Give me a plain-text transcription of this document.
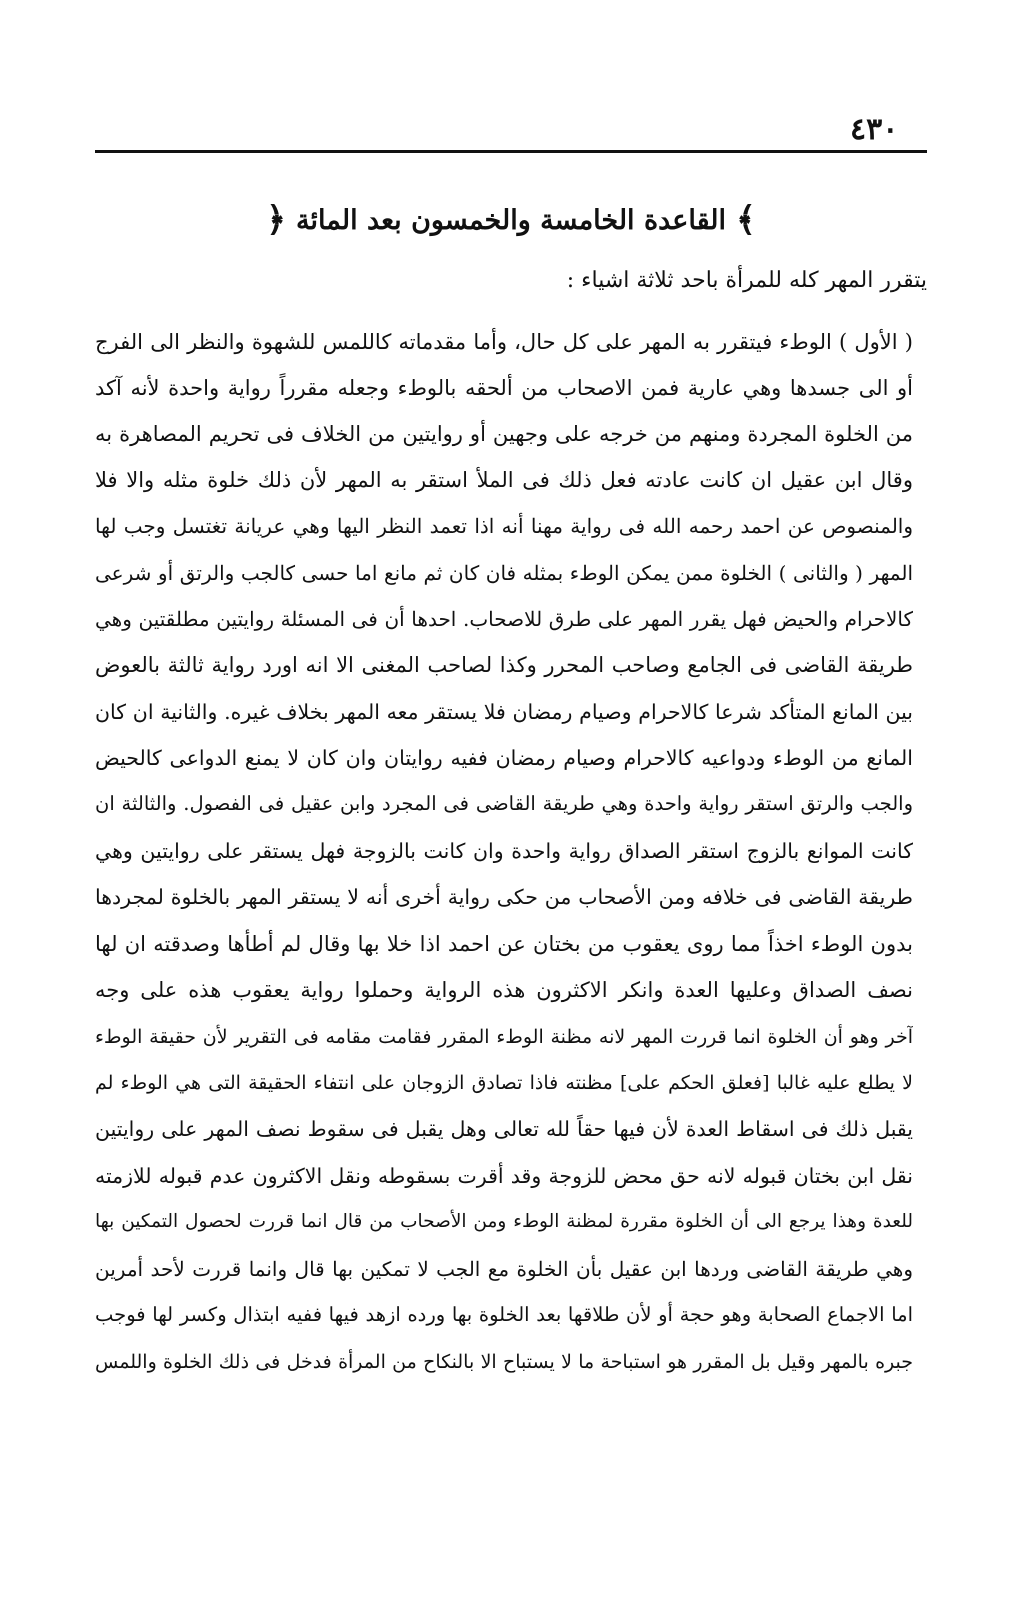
٤٣٠
﴾
القاعدة الخامسة والخمسون بعد المائة
﴿
يتقرر المهر كله للمرأة باحد ثلاثة اشياء :
( الأول ) الوطء فيتقرر به المهر على كل حال، وأما مقدماته كاللمس للشهوة والنظر الى الفرج
أو الى جسدها وهي عارية فمن الاصحاب من ألحقه بالوطء وجعله مقرراً رواية واحدة لأنه آكد
من الخلوة المجردة ومنهم من خرجه على وجهين أو روايتين من الخلاف فى تحريم المصاهرة به
وقال ابن عقيل ان كانت عادته فعل ذلك فى الملأ استقر به المهر لأن ذلك خلوة مثله والا فلا
والمنصوص عن احمد رحمه الله فى رواية مهنا أنه اذا تعمد النظر اليها وهي عريانة تغتسل وجب لها
المهر ( والثانى ) الخلوة ممن يمكن الوطء بمثله فان كان ثم مانع اما حسى كالجب والرتق أو شرعى
كالاحرام والحيض فهل يقرر المهر على طرق للاصحاب. احدها أن فى المسئلة روايتين مطلقتين وهي
طريقة القاضى فى الجامع وصاحب المحرر وكذا لصاحب المغنى الا انه اورد رواية ثالثة بالعوض
بين المانع المتأكد شرعا كالاحرام وصيام رمضان فلا يستقر معه المهر بخلاف غيره. والثانية ان كان
المانع من الوطء ودواعيه كالاحرام وصيام رمضان ففيه روايتان وان كان لا يمنع الدواعى كالحيض
والجب والرتق استقر رواية واحدة وهي طريقة القاضى فى المجرد وابن عقيل فى الفصول. والثالثة ان
كانت الموانع بالزوج استقر الصداق رواية واحدة وان كانت بالزوجة فهل يستقر على روايتين وهي
طريقة القاضى فى خلافه ومن الأصحاب من حكى رواية أخرى أنه لا يستقر المهر بالخلوة لمجردها
بدون الوطء اخذاً مما روى يعقوب من بختان عن احمد اذا خلا بها وقال لم أطأها وصدقته ان لها
نصف الصداق وعليها العدة وانكر الاكثرون هذه الرواية وحملوا رواية يعقوب هذه على وجه
آخر وهو أن الخلوة انما قررت المهر لانه مظنة الوطء المقرر فقامت مقامه فى التقرير لأن حقيقة الوطء
لا يطلع عليه غالبا [فعلق الحكم على] مظنته فاذا تصادق الزوجان على انتفاء الحقيقة التى هي الوطء لم
يقبل ذلك فى اسقاط العدة لأن فيها حقاً لله تعالى وهل يقبل فى سقوط نصف المهر على روايتين
نقل ابن بختان قبوله لانه حق محض للزوجة وقد أقرت بسقوطه ونقل الاكثرون عدم قبوله للازمته
للعدة وهذا يرجع الى أن الخلوة مقررة لمظنة الوطء ومن الأصحاب من قال انما قررت لحصول التمكين بها
وهي طريقة القاضى وردها ابن عقيل بأن الخلوة مع الجب لا تمكين بها قال وانما قررت لأحد أمرين
اما الاجماع الصحابة وهو حجة أو لأن طلاقها بعد الخلوة بها ورده ازهد فيها ففيه ابتذال وكسر لها فوجب
جبره بالمهر وقيل بل المقرر هو استباحة ما لا يستباح الا بالنكاح من المرأة فدخل فى ذلك الخلوة واللمس
